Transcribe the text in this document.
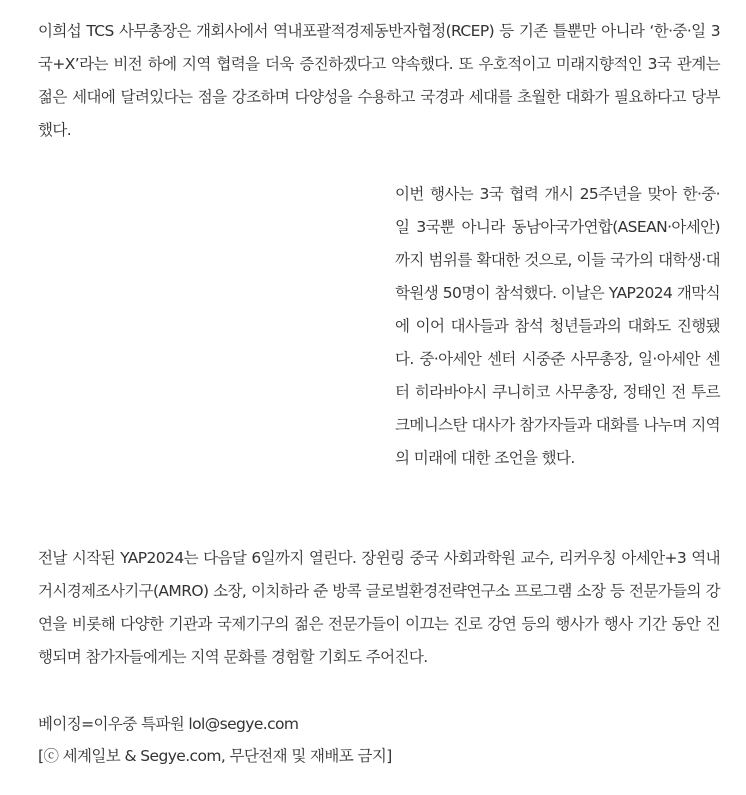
이희섭 TCS 사무총장은 개회사에서 역내포괄적경제동반자협정(RCEP) 등 기존 틀뿐만 아니라 ‘한·중·일 3국+X’라는 비전 하에 지역 협력을 더욱 증진하겠다고 약속했다. 또 우호적이고 미래지향적인 3국 관계는 젊은 세대에 달려있다는 점을 강조하며 다양성을 수용하고 국경과 세대를 초월한 대화가 필요하다고 당부했다.

이번 행사는 3국 협력 개시 25주년을 맞아 한·중·일 3국뿐 아니라 동남아국가연합(ASEAN·아세안)까지 범위를 확대한 것으로, 이들 국가의 대학생·대학원생 50명이 참석했다. 이날은 YAP2024 개막식에 이어 대사들과 참석 청년들과의 대화도 진행됐다. 중·아세안 센터 시중준 사무총장, 일·아세안 센터 히라바야시 쿠니히코 사무총장, 정태인 전 투르크메니스탄 대사가 참가자들과 대화를 나누며 지역의 미래에 대한 조언을 했다.

전날 시작된 YAP2024는 다음달 6일까지 열린다. 장윈링 중국 사회과학원 교수, 리커우칭 아세안+3 역내 거시경제조사기구(AMRO) 소장, 이치하라 준 방콕 글로벌환경전략연구소 프로그램 소장 등 전문가들의 강연을 비롯해 다양한 기관과 국제기구의 젊은 전문가들이 이끄는 진로 강연 등의 행사가 행사 기간 동안 진행되며 참가자들에게는 지역 문화를 경험할 기회도 주어진다.

베이징=이우중 특파원 lol@segye.com
[ⓒ 세계일보 & Segye.com, 무단전재 및 재배포 금지]
